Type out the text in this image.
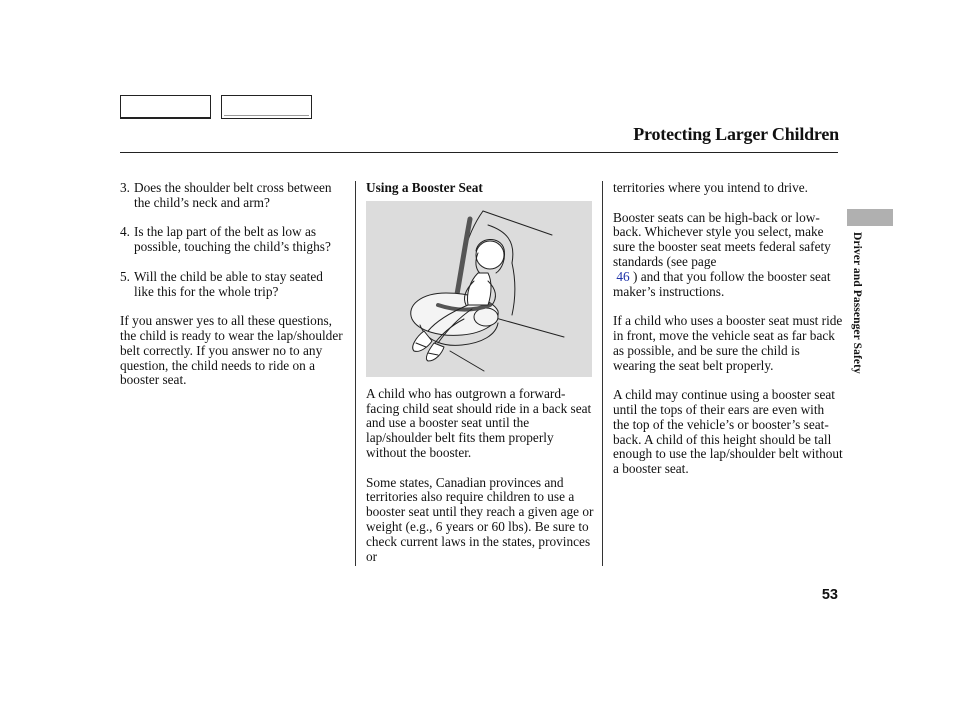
Protecting Larger Children
3. Does the shoulder belt cross between the child’s neck and arm?
4. Is the lap part of the belt as low as possible, touching the child’s thighs?
5. Will the child be able to stay seated like this for the whole trip?

If you answer yes to all these questions, the child is ready to wear the lap/shoulder belt correctly. If you answer no to any question, the child needs to ride on a booster seat.

Using a Booster Seat

A child who has outgrown a forward-facing child seat should ride in a back seat and use a booster seat until the lap/shoulder belt fits them properly without the booster.

Some states, Canadian provinces and territories also require children to use a booster seat until they reach a given age or weight (e.g., 6 years or 60 lbs). Be sure to check current laws in the states, provinces or

territories where you intend to drive.

Booster seats can be high-back or low-back. Whichever style you select, make sure the booster seat meets federal safety standards (see page
46 ) and that you follow the booster seat maker’s instructions.

If a child who uses a booster seat must ride in front, move the vehicle seat as far back as possible, and be sure the child is wearing the seat belt properly.

A child may continue using a booster seat until the tops of their ears are even with the top of the vehicle’s or booster’s seat-back. A child of this height should be tall enough to use the lap/shoulder belt without a booster seat.

Driver and Passenger Safety
53
